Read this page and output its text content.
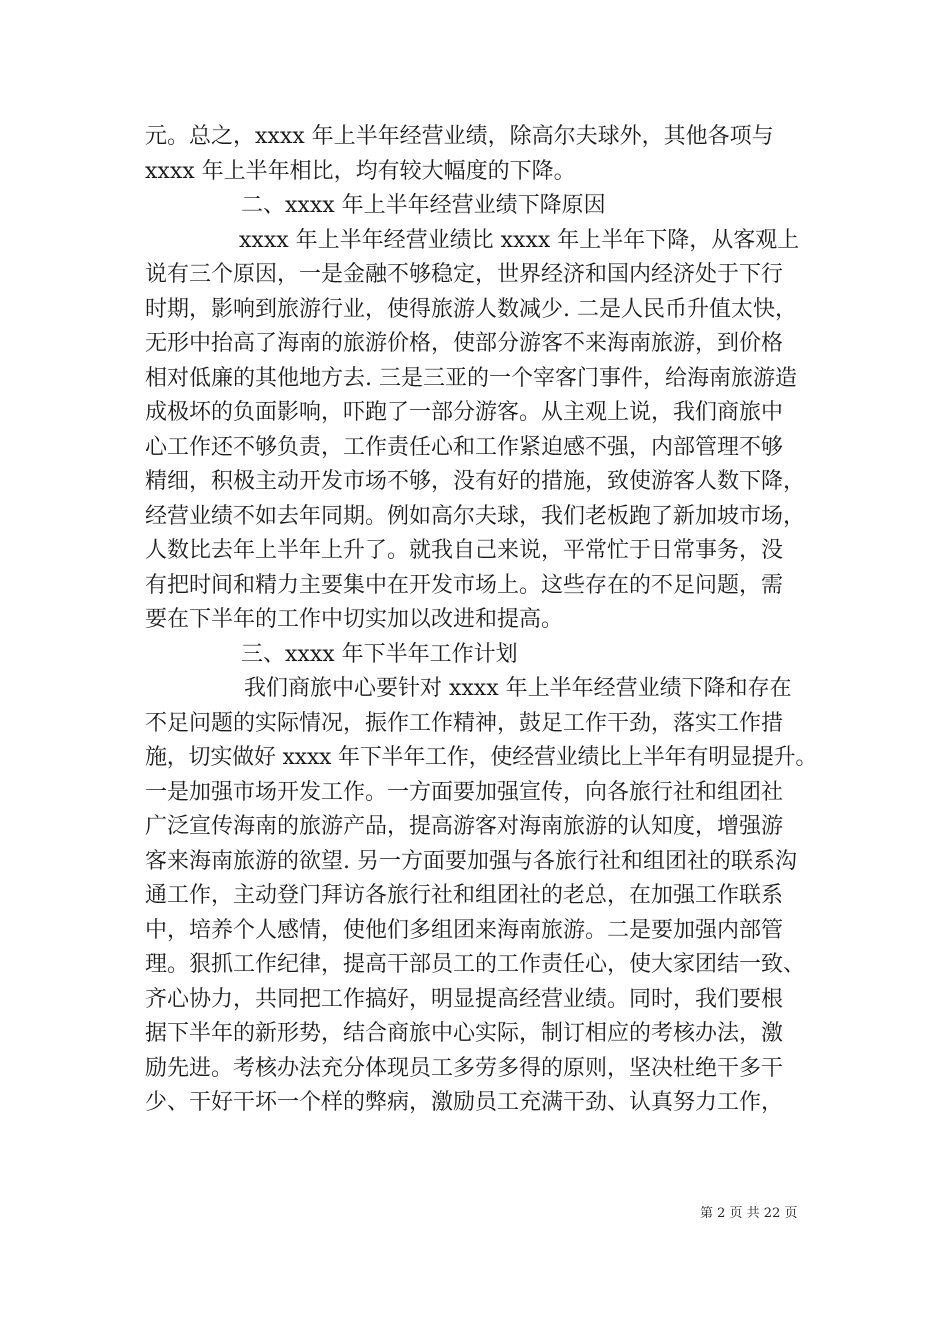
元。总之，xxxx 年上半年经营业绩，除高尔夫球外，其他各项与
xxxx 年上半年相比，均有较大幅度的下降。
二、xxxx 年上半年经营业绩下降原因
xxxx 年上半年经营业绩比 xxxx 年上半年下降，从客观上
说有三个原因，一是金融不够稳定，世界经济和国内经济处于下行
时期，影响到旅游行业，使得旅游人数减少. 二是人民币升值太快，
无形中抬高了海南的旅游价格，使部分游客不来海南旅游，到价格
相对低廉的其他地方去. 三是三亚的一个宰客门事件，给海南旅游造
成极坏的负面影响，吓跑了一部分游客。从主观上说，我们商旅中
心工作还不够负责，工作责任心和工作紧迫感不强，内部管理不够
精细，积极主动开发市场不够，没有好的措施，致使游客人数下降，
经营业绩不如去年同期。例如高尔夫球，我们老板跑了新加坡市场，
人数比去年上半年上升了。就我自己来说，平常忙于日常事务，没
有把时间和精力主要集中在开发市场上。这些存在的不足问题，需
要在下半年的工作中切实加以改进和提高。
三、xxxx 年下半年工作计划
我们商旅中心要针对 xxxx 年上半年经营业绩下降和存在
不足问题的实际情况，振作工作精神，鼓足工作干劲，落实工作措
施，切实做好 xxxx 年下半年工作，使经营业绩比上半年有明显提升。
一是加强市场开发工作。一方面要加强宣传，向各旅行社和组团社
广泛宣传海南的旅游产品，提高游客对海南旅游的认知度，增强游
客来海南旅游的欲望. 另一方面要加强与各旅行社和组团社的联系沟
通工作，主动登门拜访各旅行社和组团社的老总，在加强工作联系
中，培养个人感情，使他们多组团来海南旅游。二是要加强内部管
理。狠抓工作纪律，提高干部员工的工作责任心，使大家团结一致、
齐心协力，共同把工作搞好，明显提高经营业绩。同时，我们要根
据下半年的新形势，结合商旅中心实际，制订相应的考核办法，激
励先进。考核办法充分体现员工多劳多得的原则，坚决杜绝干多干
少、干好干坏一个样的弊病，激励员工充满干劲、认真努力工作，
第 2 页 共 22 页
